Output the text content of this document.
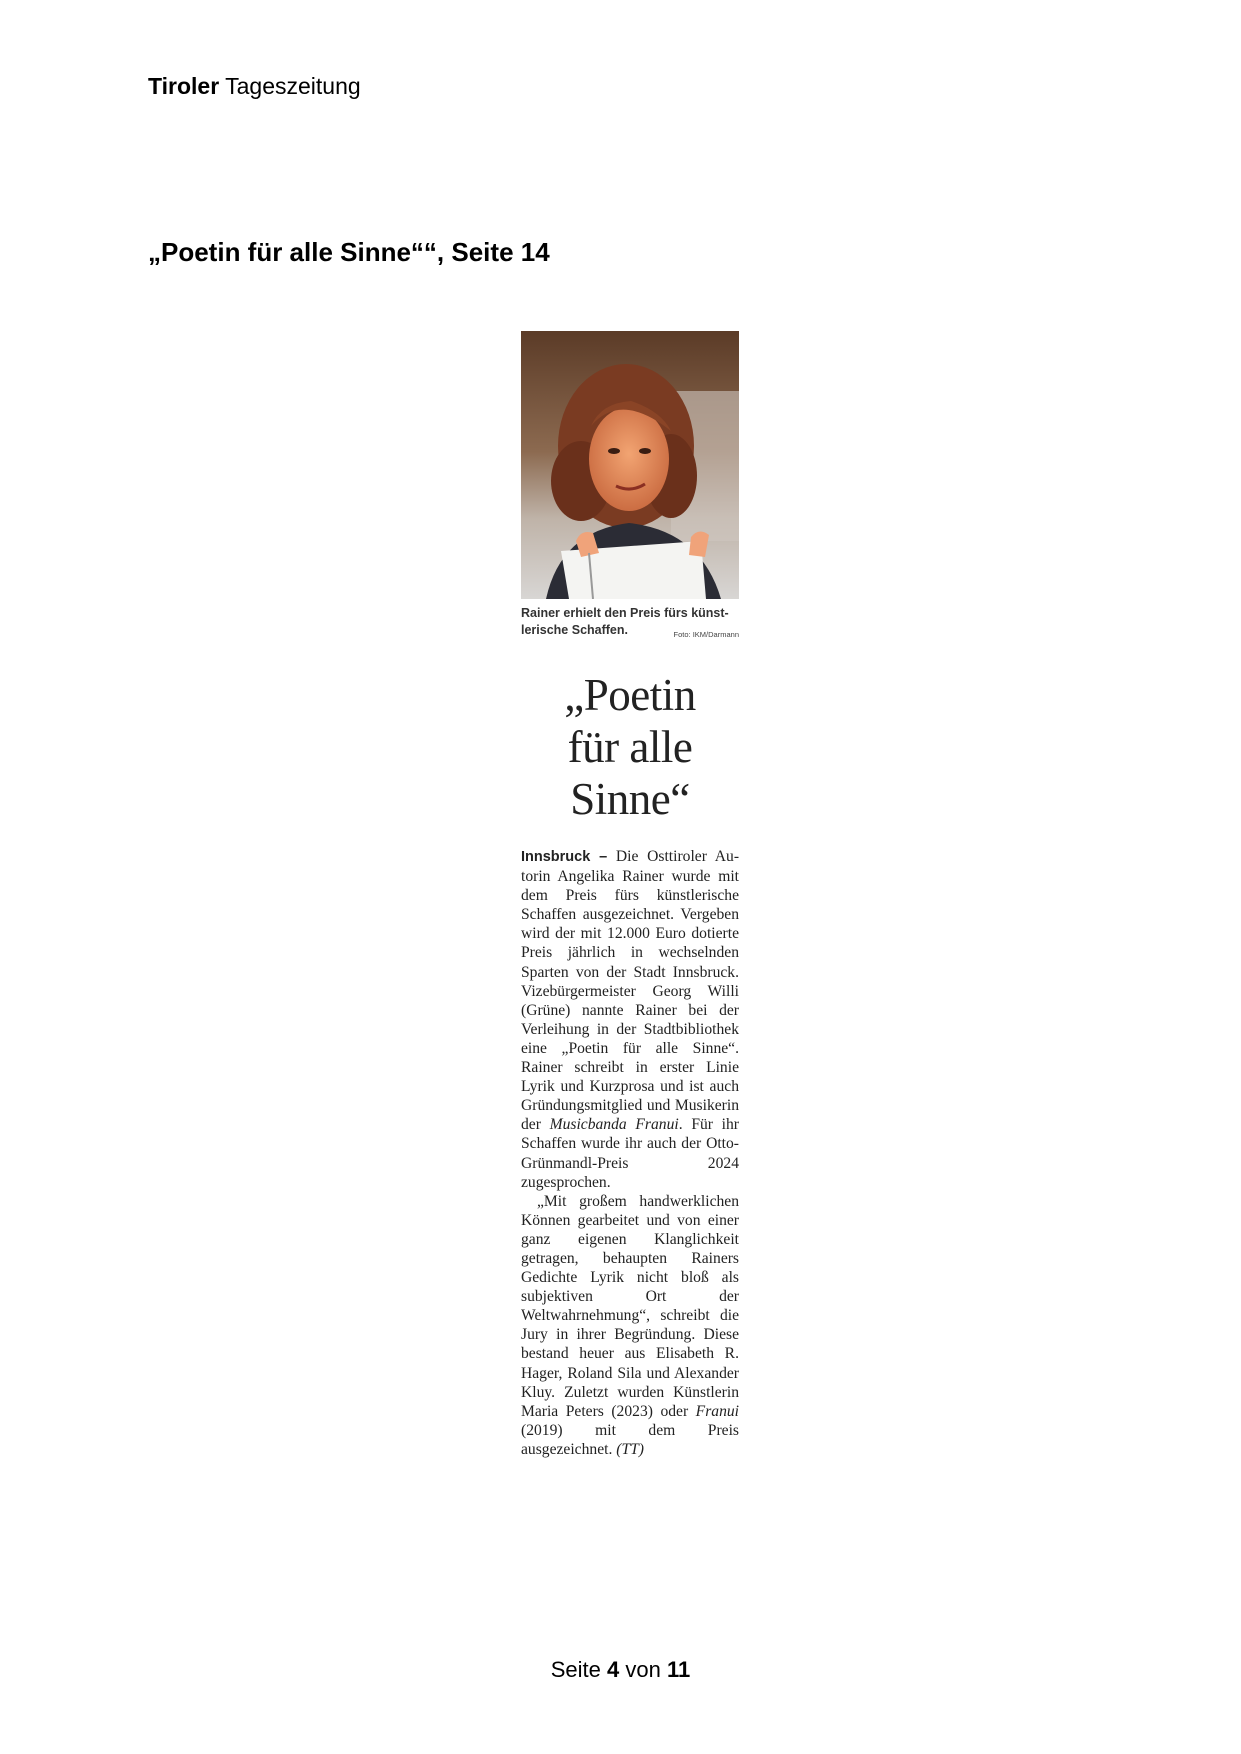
Tiroler Tageszeitung
„Poetin für alle Sinne““, Seite 14
Rainer erhielt den Preis fürs künstlerische Schaffen.	Foto: IKM/Darmann
„Poetin
für alle
Sinne“

Innsbruck – Die Osttiroler Autorin Angelika Rainer wurde mit dem Preis fürs künstlerische Schaffen ausgezeichnet. Vergeben wird der mit 12.000 Euro dotierte Preis jährlich in wechselnden Sparten von der Stadt Innsbruck. Vizebürgermeister Georg Willi (Grüne) nannte Rainer bei der Verleihung in der Stadtbibliothek eine „Poetin für alle Sinne“. Rainer schreibt in erster Linie Lyrik und Kurzprosa und ist auch Gründungsmitglied und Musikerin der Musicbanda Franui. Für ihr Schaffen wurde ihr auch der Otto-Grünmandl-Preis 2024 zugesprochen.

„Mit großem handwerklichen Können gearbeitet und von einer ganz eigenen Klanglichkeit getragen, behaupten Rainers Gedichte Lyrik nicht bloß als subjektiven Ort der Weltwahrnehmung“, schreibt die Jury in ihrer Begründung. Diese bestand heuer aus Elisabeth R. Hager, Roland Sila und Alexander Kluy. Zuletzt wurden Künstlerin Maria Peters (2023) oder Franui (2019) mit dem Preis ausgezeichnet. (TT)

Seite 4 von 11
